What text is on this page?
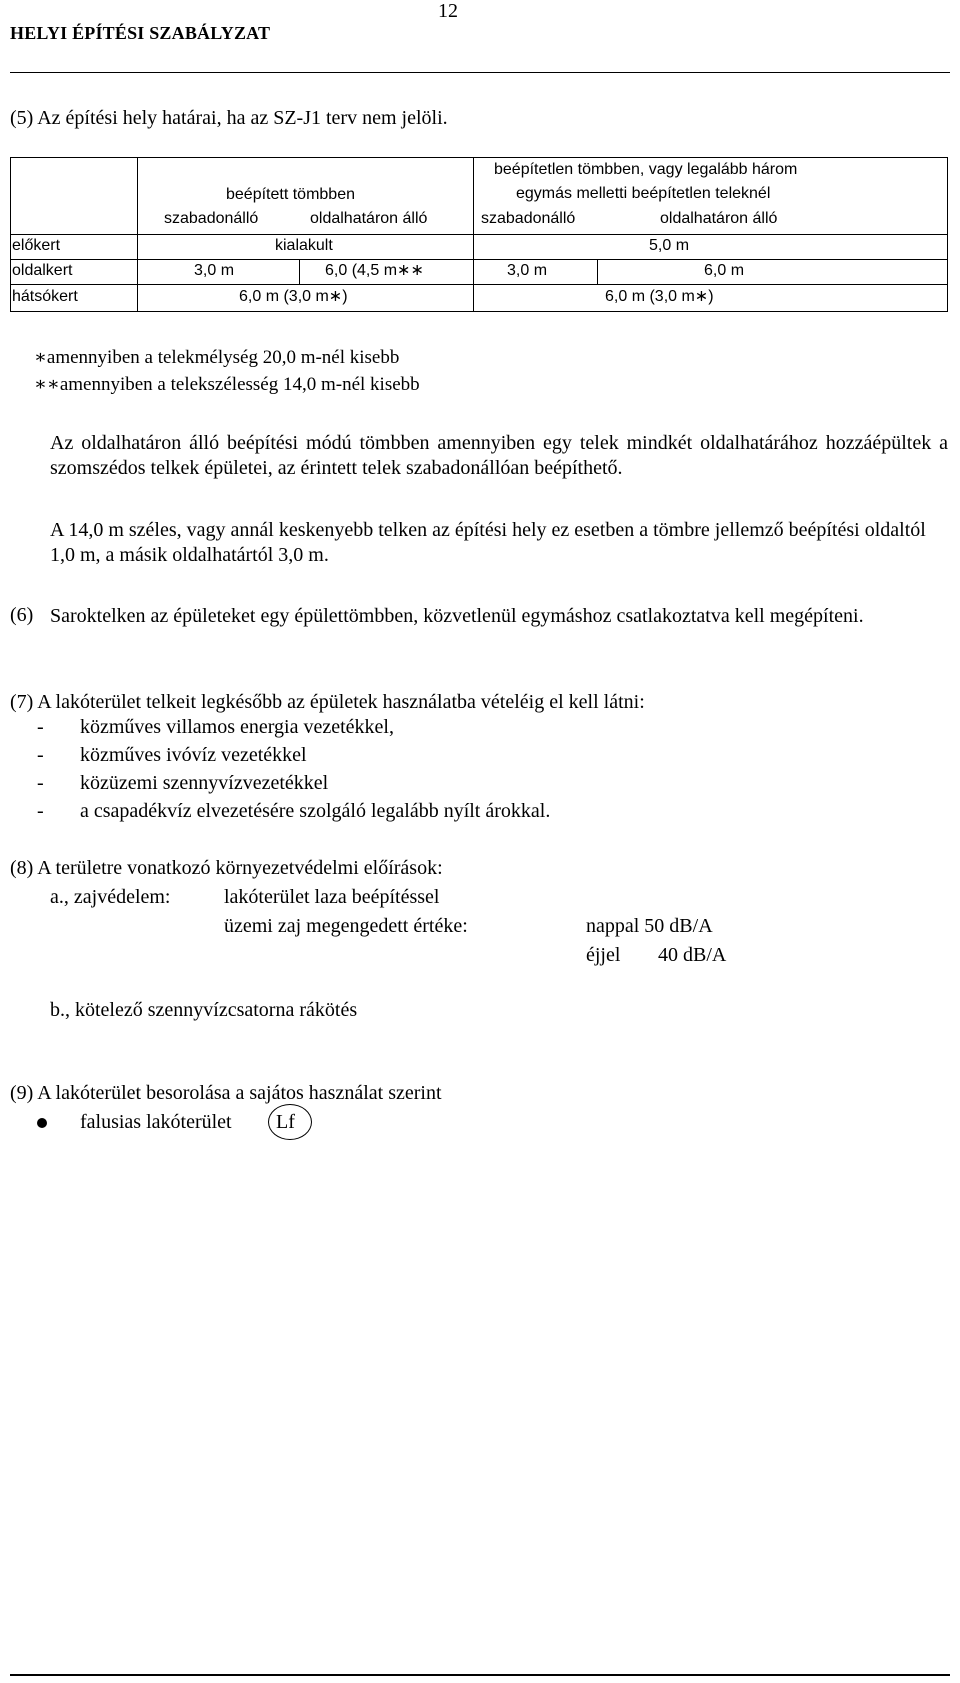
12
HELYI ÉPÍTÉSI SZABÁLYZAT
(5) Az építési hely határai, ha az SZ-J1 terv nem jelöli.
beépített tömbben
beépítetlen tömbben, vagy legalább három
egymás melletti beépítetlen teleknél
szabadonálló	oldalhatáron álló	szabadonálló	oldalhatáron álló
előkert	kialakult	5,0 m
oldalkert	3,0 m	6,0 (4,5 m∗∗	3,0 m	6,0 m
hátsókert	6,0 m (3,0 m∗)	6,0 m (3,0 m∗)
∗amennyiben a telekmélység 20,0 m-nél kisebb
∗∗amennyiben a telekszélesség 14,0 m-nél kisebb
Az oldalhatáron álló beépítési módú tömbben amennyiben egy telek mindkét oldalhatárához hozzáépültek a szomszédos telkek épületei, az érintett telek szabadonállóan beépíthető.
A 14,0 m széles, vagy annál keskenyebb telken az építési hely ez esetben a tömbre jellemző beépítési oldaltól 1,0 m, a másik oldalhatártól 3,0 m.
(6) Saroktelken az épületeket egy épülettömbben, közvetlenül egymáshoz csatlakoztatva kell megépíteni.
(7) A lakóterület telkeit legkésőbb az épületek használatba vételéig el kell látni:
- közműves villamos energia vezetékkel,
- közműves ivóvíz vezetékkel
- közüzemi szennyvízvezetékkel
- a csapadékvíz elvezetésére szolgáló legalább nyílt árokkal.
(8) A területre vonatkozó környezetvédelmi előírások:
a., zajvédelem:	lakóterület laza beépítéssel
üzemi zaj megengedett értéke:	nappal 50 dB/A
éjjel 40 dB/A
b., kötelező szennyvízcsatorna rákötés
(9) A lakóterület besorolása a sajátos használat szerint
falusias lakóterület Lf
